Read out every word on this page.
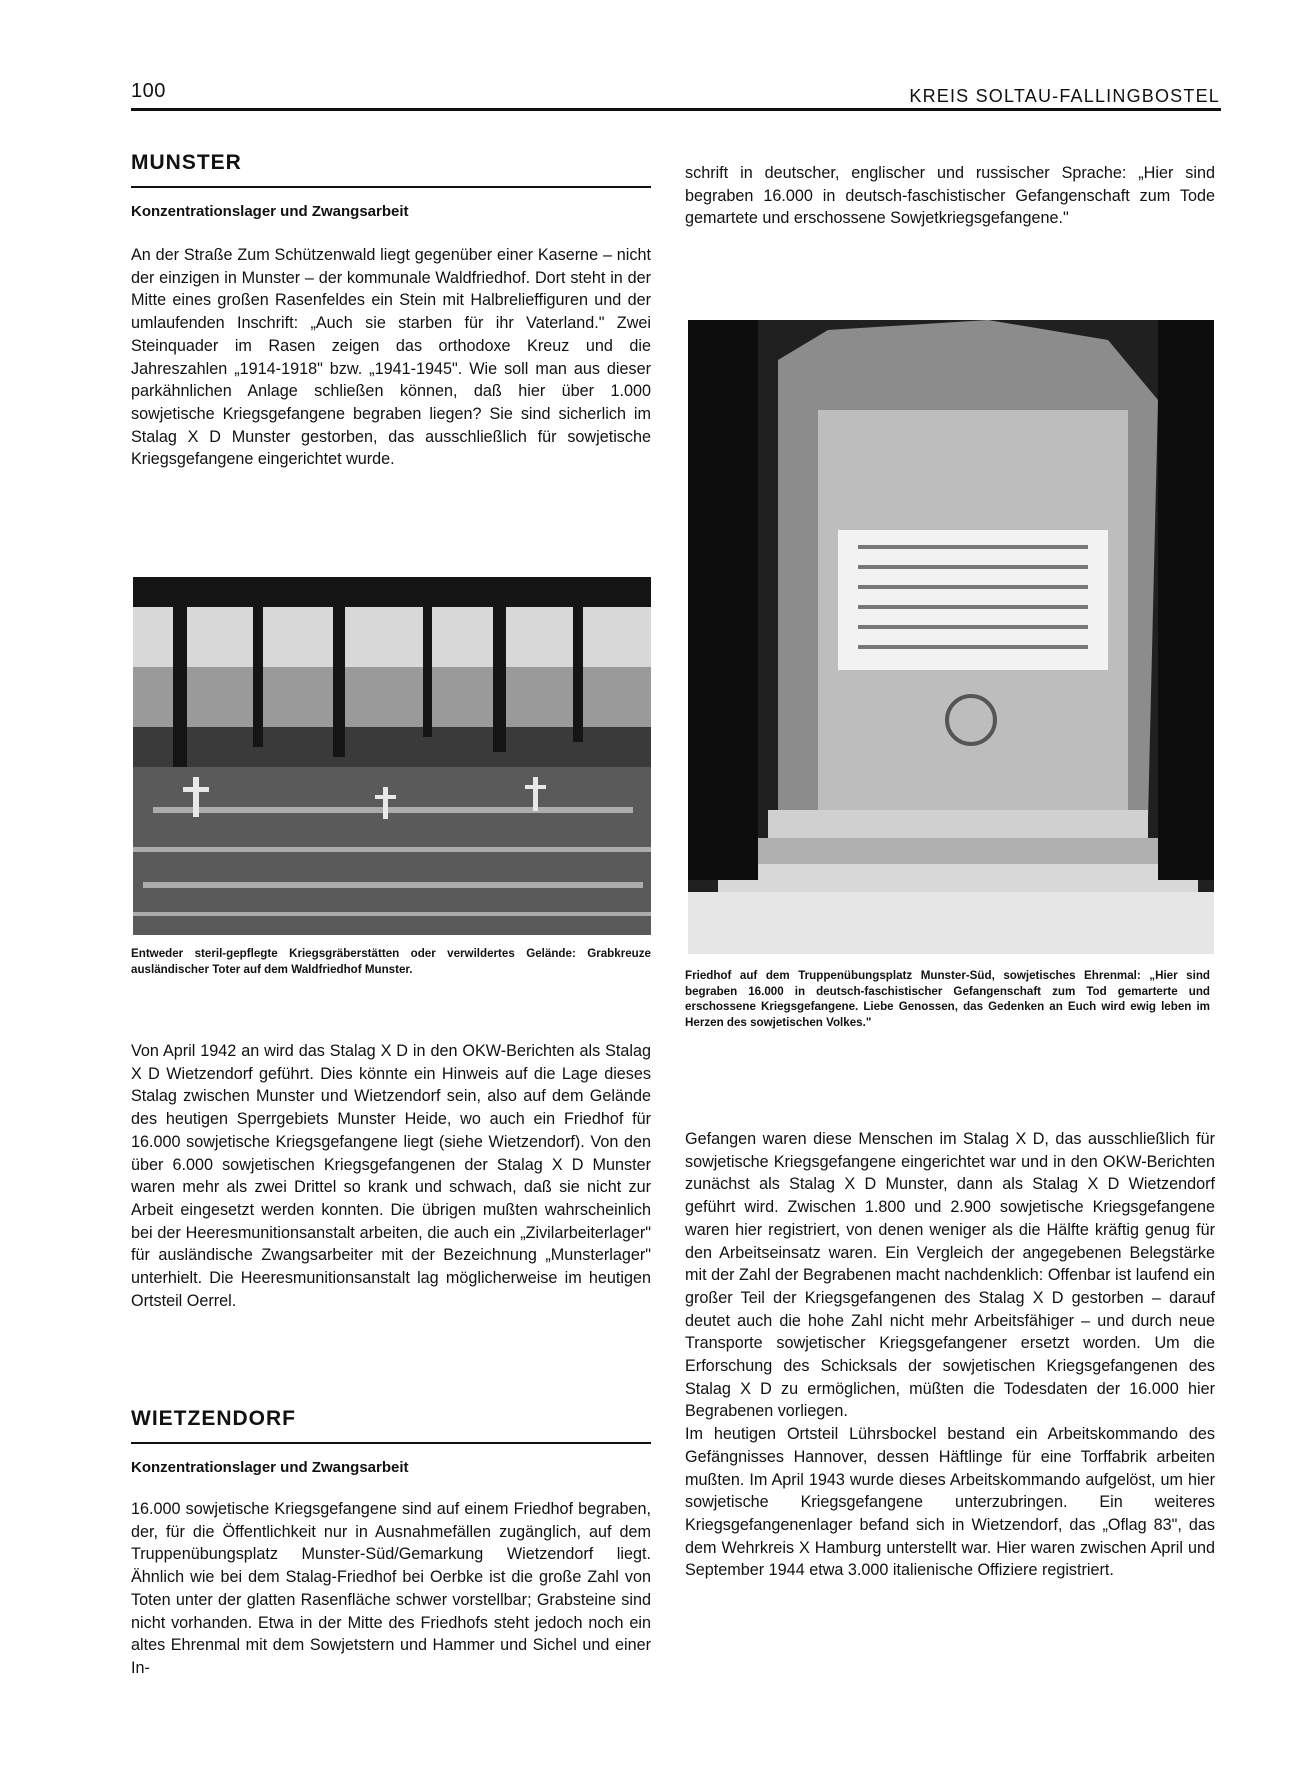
100	KREIS SOLTAU-FALLINGBOSTEL
MUNSTER
Konzentrationslager und Zwangsarbeit

An der Straße Zum Schützenwald liegt gegenüber einer Kaserne – nicht der einzigen in Munster – der kommunale Waldfriedhof. Dort steht in der Mitte eines großen Rasenfeldes ein Stein mit Halbrelieffiguren und der umlaufenden Inschrift: „Auch sie starben für ihr Vaterland." Zwei Steinquader im Rasen zeigen das orthodoxe Kreuz und die Jahreszahlen „1914-1918" bzw. „1941-1945". Wie soll man aus dieser parkähnlichen Anlage schließen können, daß hier über 1.000 sowjetische Kriegsgefangene begraben liegen? Sie sind sicherlich im Stalag X D Munster gestorben, das ausschließlich für sowjetische Kriegsgefangene eingerichtet wurde.

Entweder steril-gepflegte Kriegsgräberstätten oder verwildertes Gelände: Grabkreuze ausländischer Toter auf dem Waldfriedhof Munster.

Von April 1942 an wird das Stalag X D in den OKW-Berichten als Stalag X D Wietzendorf geführt. Dies könnte ein Hinweis auf die Lage dieses Stalag zwischen Munster und Wietzendorf sein, also auf dem Gelände des heutigen Sperrgebiets Munster Heide, wo auch ein Friedhof für 16.000 sowjetische Kriegsgefangene liegt (siehe Wietzendorf). Von den über 6.000 sowjetischen Kriegsgefangenen der Stalag X D Munster waren mehr als zwei Drittel so krank und schwach, daß sie nicht zur Arbeit eingesetzt werden konnten. Die übrigen mußten wahrscheinlich bei der Heeresmunitionsanstalt arbeiten, die auch ein „Zivilarbeiterlager" für ausländische Zwangsarbeiter mit der Bezeichnung „Munsterlager" unterhielt. Die Heeresmunitionsanstalt lag möglicherweise im heutigen Ortsteil Oerrel.

WIETZENDORF
Konzentrationslager und Zwangsarbeit

16.000 sowjetische Kriegsgefangene sind auf einem Friedhof begraben, der, für die Öffentlichkeit nur in Ausnahmefällen zugänglich, auf dem Truppenübungsplatz Munster-Süd/Gemarkung Wietzendorf liegt. Ähnlich wie bei dem Stalag-Friedhof bei Oerbke ist die große Zahl von Toten unter der glatten Rasenfläche schwer vorstellbar; Grabsteine sind nicht vorhanden. Etwa in der Mitte des Friedhofs steht jedoch noch ein altes Ehrenmal mit dem Sowjetstern und Hammer und Sichel und einer In-

schrift in deutscher, englischer und russischer Sprache: „Hier sind begraben 16.000 in deutsch-faschistischer Gefangenschaft zum Tode gemartete und erschossene Sowjetkriegsgefangene."

Friedhof auf dem Truppenübungsplatz Munster-Süd, sowjetisches Ehrenmal: „Hier sind begraben 16.000 in deutsch-faschistischer Gefangenschaft zum Tod gemarterte und erschossene Kriegsgefangene. Liebe Genossen, das Gedenken an Euch wird ewig leben im Herzen des sowjetischen Volkes."

Gefangen waren diese Menschen im Stalag X D, das ausschließlich für sowjetische Kriegsgefangene eingerichtet war und in den OKW-Berichten zunächst als Stalag X D Munster, dann als Stalag X D Wietzendorf geführt wird. Zwischen 1.800 und 2.900 sowjetische Kriegsgefangene waren hier registriert, von denen weniger als die Hälfte kräftig genug für den Arbeitseinsatz waren. Ein Vergleich der angegebenen Belegstärke mit der Zahl der Begrabenen macht nachdenklich: Offenbar ist laufend ein großer Teil der Kriegsgefangenen des Stalag X D gestorben – darauf deutet auch die hohe Zahl nicht mehr Arbeitsfähiger – und durch neue Transporte sowjetischer Kriegsgefangener ersetzt worden. Um die Erforschung des Schicksals der sowjetischen Kriegsgefangenen des Stalag X D zu ermöglichen, müßten die Todesdaten der 16.000 hier Begrabenen vorliegen.

Im heutigen Ortsteil Lührsbockel bestand ein Arbeitskommando des Gefängnisses Hannover, dessen Häftlinge für eine Torffabrik arbeiten mußten. Im April 1943 wurde dieses Arbeitskommando aufgelöst, um hier sowjetische Kriegsgefangene unterzubringen. Ein weiteres Kriegsgefangenenlager befand sich in Wietzendorf, das „Oflag 83", das dem Wehrkreis X Hamburg unterstellt war. Hier waren zwischen April und September 1944 etwa 3.000 italienische Offiziere registriert.
